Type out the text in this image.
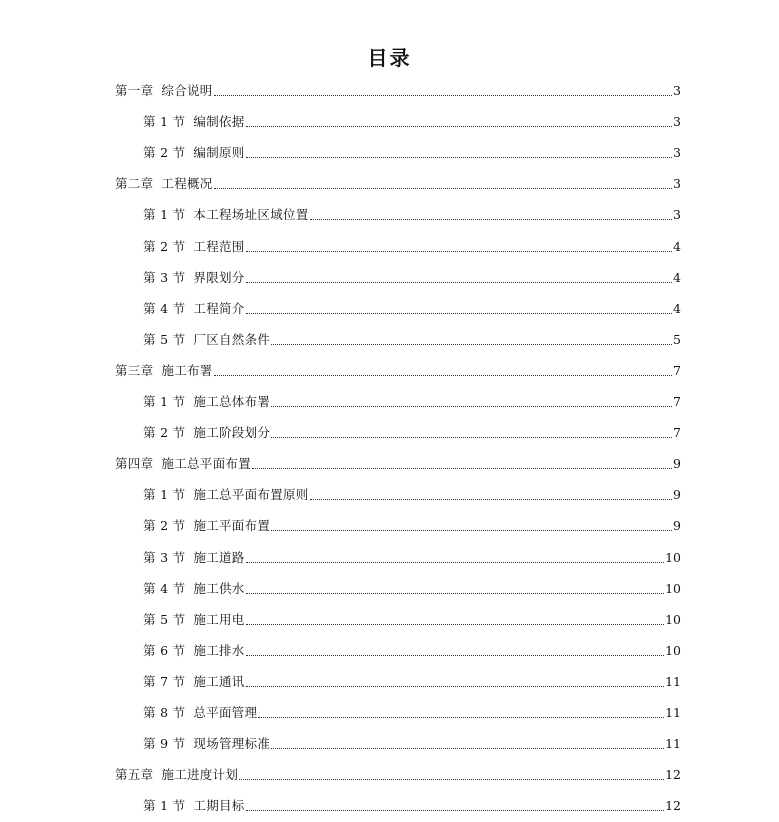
目录
第一章 综合说明	3
第 1 节 编制依据	3
第 2 节 编制原则	3
第二章 工程概况	3
第 1 节 本工程场址区域位置	3
第 2 节 工程范围	4
第 3 节 界限划分	4
第 4 节 工程简介	4
第 5 节 厂区自然条件	5
第三章 施工布署	7
第 1 节 施工总体布署	7
第 2 节 施工阶段划分	7
第四章 施工总平面布置	9
第 1 节 施工总平面布置原则	9
第 2 节 施工平面布置	9
第 3 节 施工道路	10
第 4 节 施工供水	10
第 5 节 施工用电	10
第 6 节 施工排水	10
第 7 节 施工通讯	11
第 8 节 总平面管理	11
第 9 节 现场管理标准	11
第五章 施工进度计划	12
第 1 节 工期目标	12
